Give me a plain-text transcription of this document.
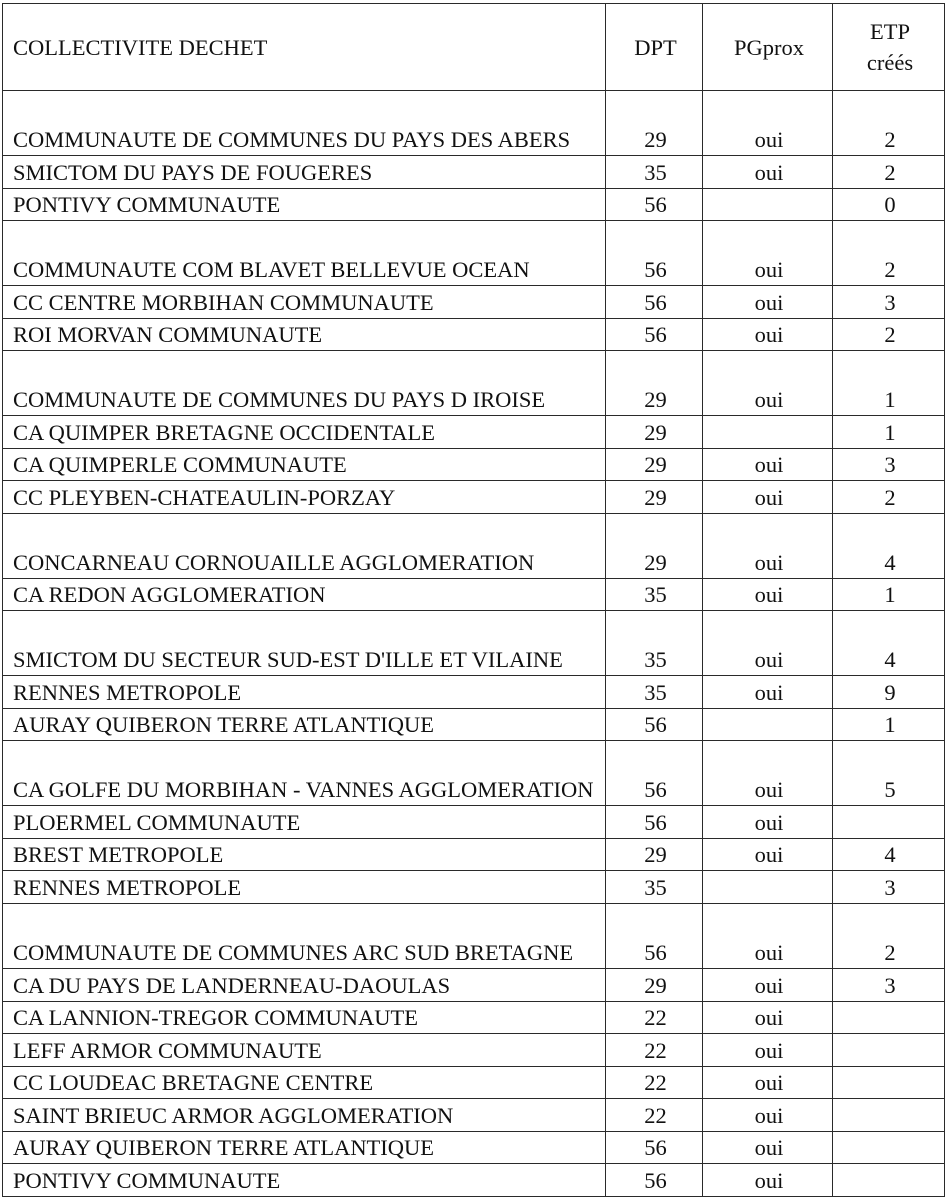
COLLECTIVITE DECHET	DPT	PGprox	ETP
créés
COMMUNAUTE DE COMMUNES DU PAYS DES ABERS	29	oui	2
SMICTOM DU PAYS DE FOUGERES	35	oui	2
PONTIVY COMMUNAUTE	56		0
COMMUNAUTE COM BLAVET BELLEVUE OCEAN	56	oui	2
CC CENTRE MORBIHAN COMMUNAUTE	56	oui	3
ROI MORVAN COMMUNAUTE	56	oui	2
COMMUNAUTE DE COMMUNES DU PAYS D IROISE	29	oui	1
CA QUIMPER BRETAGNE OCCIDENTALE	29		1
CA QUIMPERLE COMMUNAUTE	29	oui	3
CC PLEYBEN-CHATEAULIN-PORZAY	29	oui	2
CONCARNEAU CORNOUAILLE AGGLOMERATION	29	oui	4
CA REDON AGGLOMERATION	35	oui	1
SMICTOM DU SECTEUR SUD-EST D'ILLE ET VILAINE	35	oui	4
RENNES METROPOLE	35	oui	9
AURAY QUIBERON TERRE ATLANTIQUE	56		1
CA GOLFE DU MORBIHAN - VANNES AGGLOMERATION	56	oui	5
PLOERMEL COMMUNAUTE	56	oui	
BREST METROPOLE	29	oui	4
RENNES METROPOLE	35		3
COMMUNAUTE DE COMMUNES ARC SUD BRETAGNE	56	oui	2
CA DU PAYS DE LANDERNEAU-DAOULAS	29	oui	3
CA LANNION-TREGOR COMMUNAUTE	22	oui	
LEFF ARMOR COMMUNAUTE	22	oui	
CC LOUDEAC BRETAGNE CENTRE	22	oui	
SAINT BRIEUC ARMOR AGGLOMERATION	22	oui	
AURAY QUIBERON TERRE ATLANTIQUE	56	oui	
PONTIVY COMMUNAUTE	56	oui	
